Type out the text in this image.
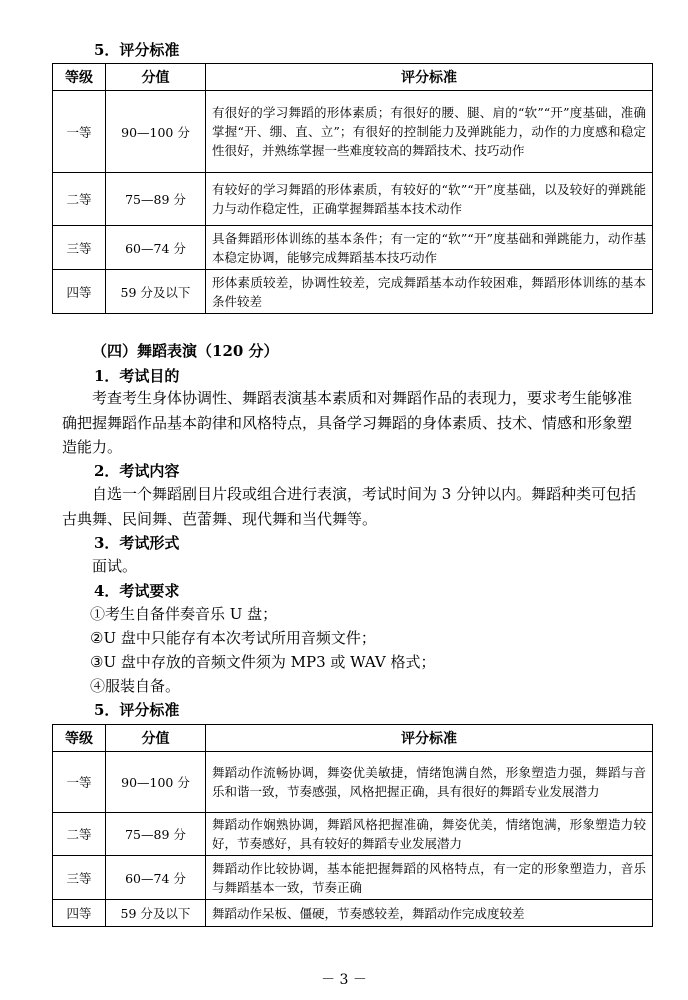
5．评分标准
等级	分值	评分标准
一等	90—100 分	有很好的学习舞蹈的形体素质；有很好的腰、腿、肩的“软”“开”度基础，准确掌握“开、绷、直、立”；有很好的控制能力及弹跳能力，动作的力度感和稳定性很好，并熟练掌握一些难度较高的舞蹈技术、技巧动作
二等	75—89 分	有较好的学习舞蹈的形体素质，有较好的“软”“开”度基础，以及较好的弹跳能力与动作稳定性，正确掌握舞蹈基本技术动作
三等	60—74 分	具备舞蹈形体训练的基本条件；有一定的“软”“开”度基础和弹跳能力，动作基本稳定协调，能够完成舞蹈基本技巧动作
四等	59 分及以下	形体素质较差，协调性较差，完成舞蹈基本动作较困难，舞蹈形体训练的基本条件较差
（四）舞蹈表演（120 分）
1．考试目的
考查考生身体协调性、舞蹈表演基本素质和对舞蹈作品的表现力，要求考生能够准确把握舞蹈作品基本韵律和风格特点，具备学习舞蹈的身体素质、技术、情感和形象塑造能力。
2．考试内容
自选一个舞蹈剧目片段或组合进行表演，考试时间为 3 分钟以内。舞蹈种类可包括古典舞、民间舞、芭蕾舞、现代舞和当代舞等。
3．考试形式
面试。
4．考试要求
①考生自备伴奏音乐 U 盘；
②U 盘中只能存有本次考试所用音频文件；
③U 盘中存放的音频文件须为 MP3 或 WAV 格式；
④服装自备。
5．评分标准
等级	分值	评分标准
一等	90—100 分	舞蹈动作流畅协调，舞姿优美敏捷，情绪饱满自然，形象塑造力强，舞蹈与音乐和谐一致，节奏感强，风格把握正确，具有很好的舞蹈专业发展潜力
二等	75—89 分	舞蹈动作娴熟协调，舞蹈风格把握准确，舞姿优美，情绪饱满，形象塑造力较好，节奏感好，具有较好的舞蹈专业发展潜力
三等	60—74 分	舞蹈动作比较协调，基本能把握舞蹈的风格特点，有一定的形象塑造力，音乐与舞蹈基本一致，节奏正确
四等	59 分及以下	舞蹈动作呆板、僵硬，节奏感较差，舞蹈动作完成度较差
－ 3 －
